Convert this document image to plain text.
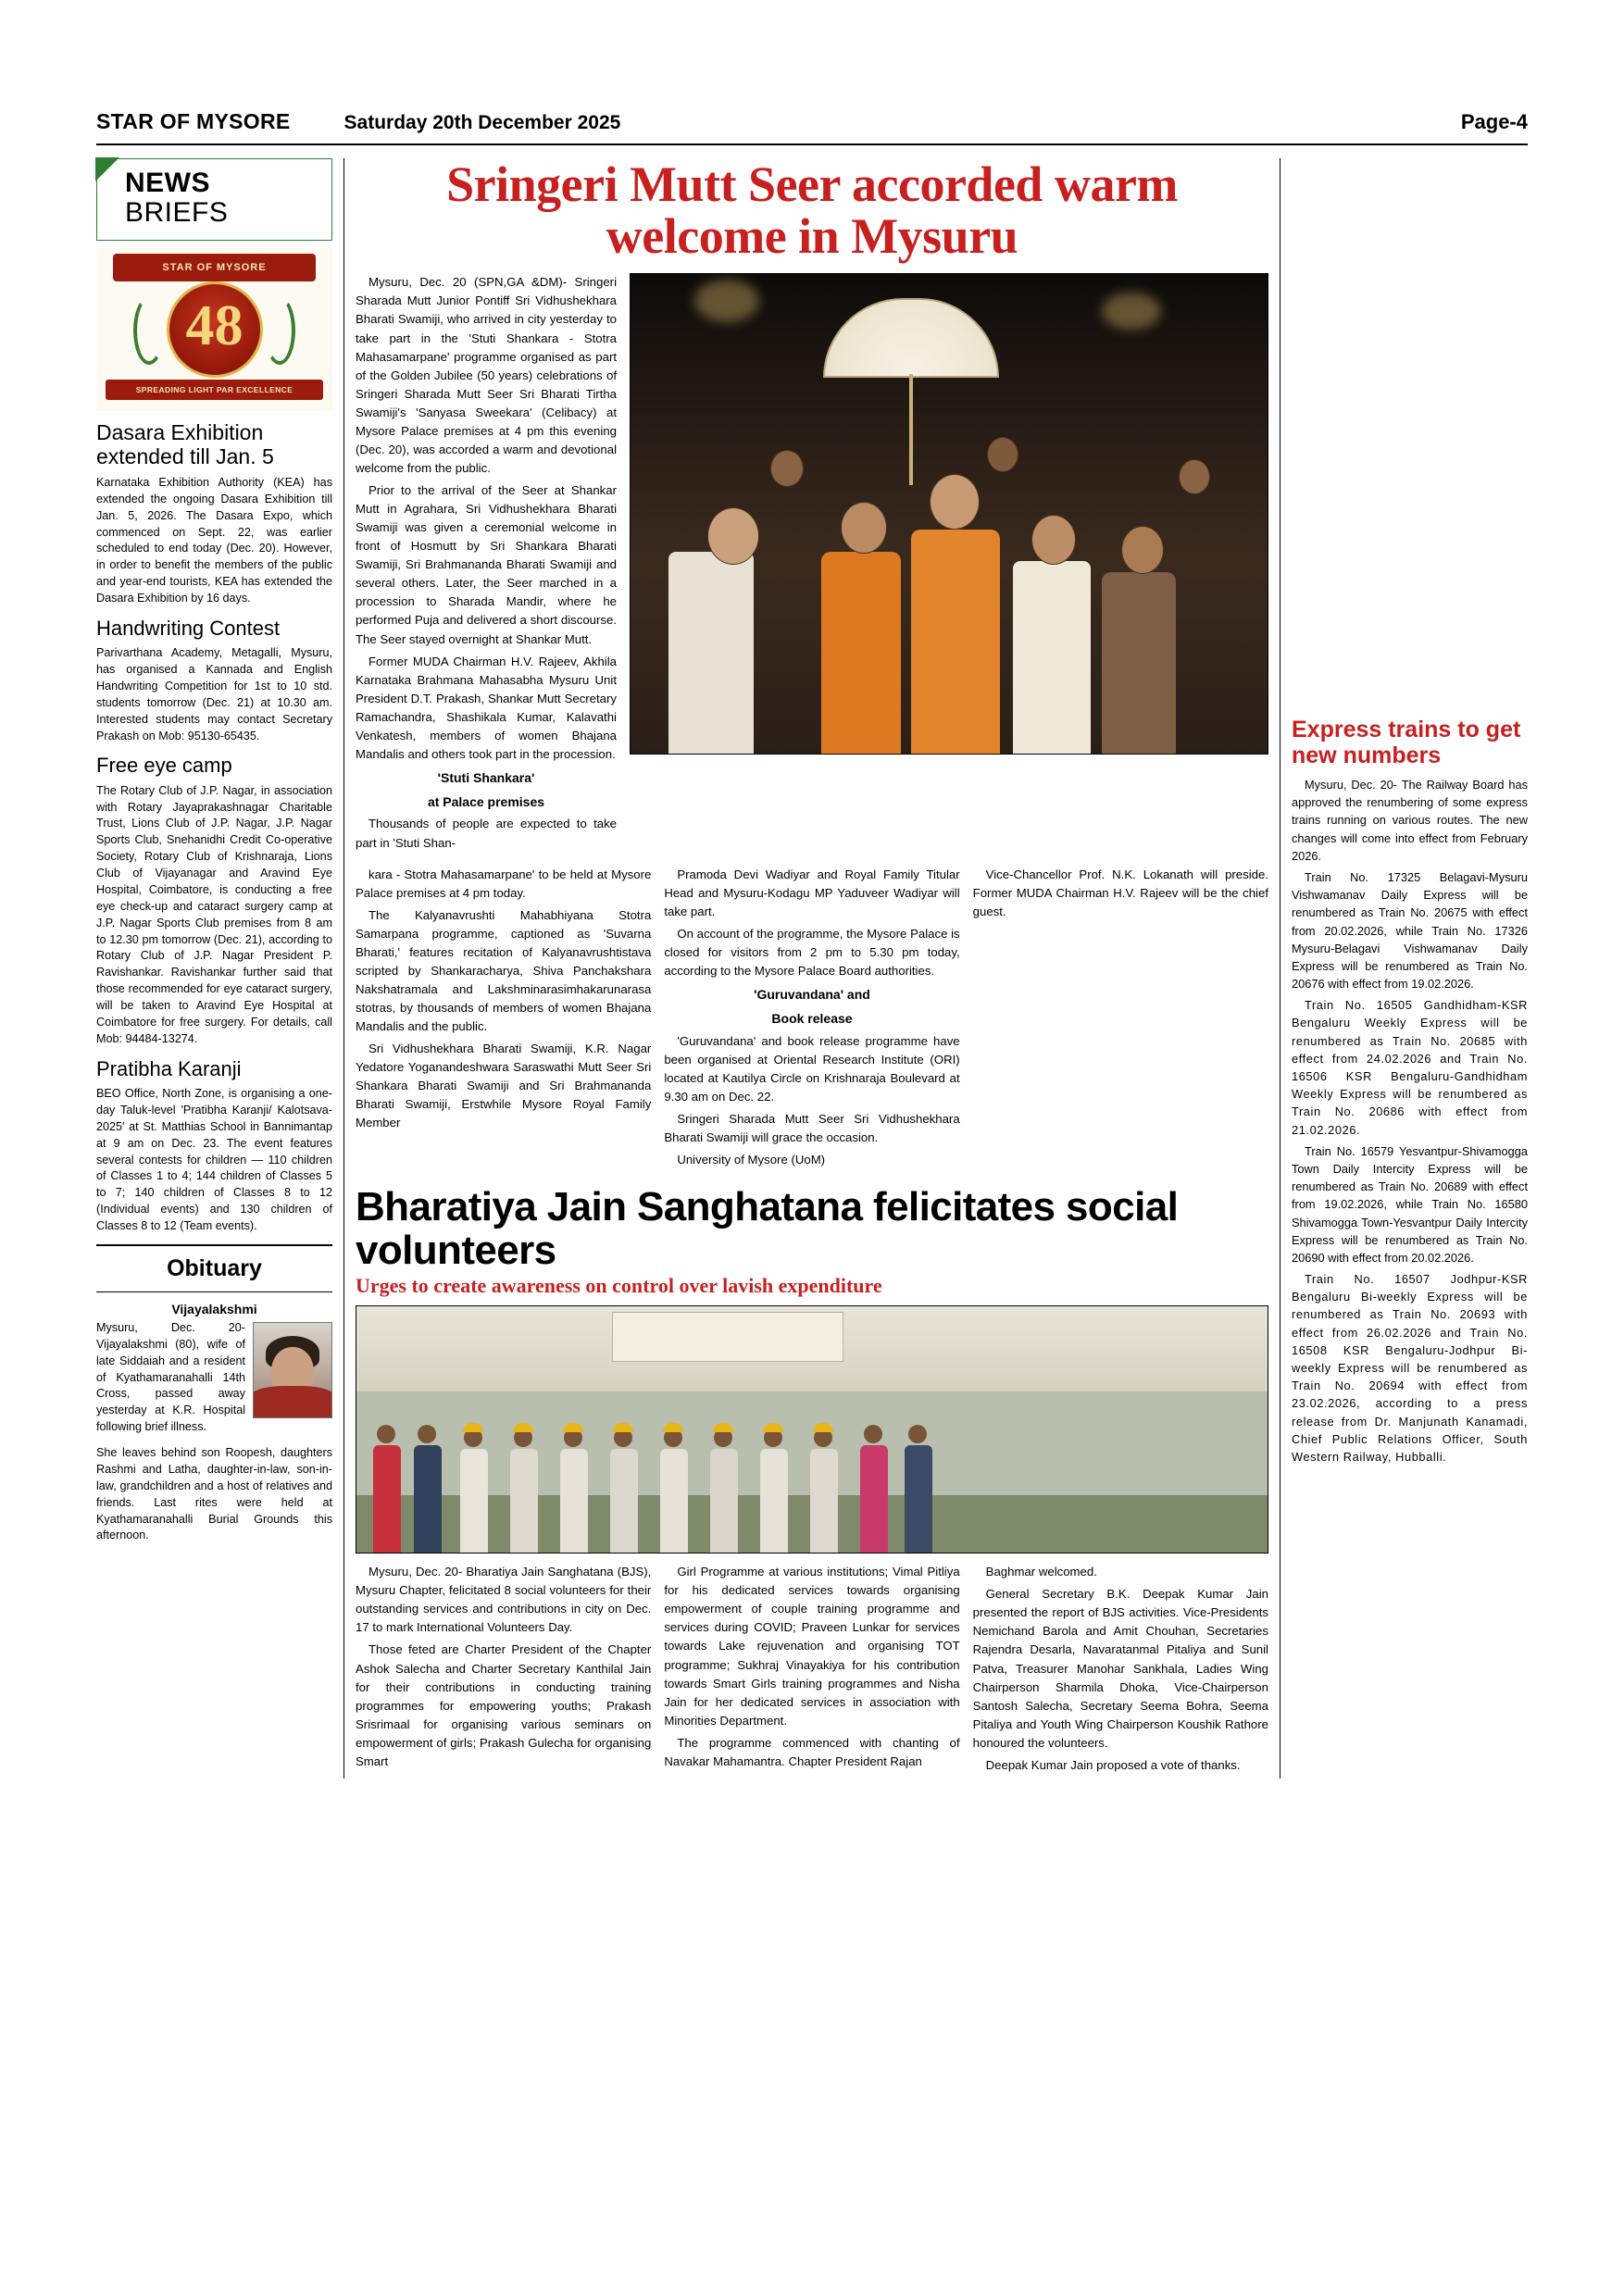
STAR OF MYSORE	Saturday 20th December 2025	Page-4
NEWS
BRIEFS
STAR OF MYSORE
48
SPREADING LIGHT PAR EXCELLENCE
Dasara Exhibition extended till Jan. 5
Karnataka Exhibition Authority (KEA) has extended the ongoing Dasara Exhibition till Jan. 5, 2026. The Dasara Expo, which commenced on Sept. 22, was earlier scheduled to end today (Dec. 20). However, in order to benefit the members of the public and year-end tourists, KEA has extended the Dasara Exhibition by 16 days.
Handwriting Contest
Parivarthana Academy, Metagalli, Mysuru, has organised a Kannada and English Handwriting Competition for 1st to 10 std. students tomorrow (Dec. 21) at 10.30 am. Interested students may contact Secretary Prakash on Mob: 95130-65435.
Free eye camp
The Rotary Club of J.P. Nagar, in association with Rotary Jayaprakashnagar Charitable Trust, Lions Club of J.P. Nagar, J.P. Nagar Sports Club, Snehanidhi Credit Co-operative Society, Rotary Club of Krishnaraja, Lions Club of Vijayanagar and Aravind Eye Hospital, Coimbatore, is conducting a free eye check-up and cataract surgery camp at J.P. Nagar Sports Club premises from 8 am to 12.30 pm tomorrow (Dec. 21), according to Rotary Club of J.P. Nagar President P. Ravishankar. Ravishankar further said that those recommended for eye cataract surgery, will be taken to Aravind Eye Hospital at Coimbatore for free surgery. For details, call Mob: 94484-13274.
Pratibha Karanji
BEO Office, North Zone, is organising a one-day Taluk-level 'Pratibha Karanji/ Kalotsava-2025' at St. Matthias School in Bannimantap at 9 am on Dec. 23. The event features several contests for children — 110 children of Classes 1 to 4; 144 children of Classes 5 to 7; 140 children of Classes 8 to 12 (Individual events) and 130 children of Classes 8 to 12 (Team events).
Obituary
Vijayalakshmi
Mysuru, Dec. 20- Vijayalakshmi (80), wife of late Siddaiah and a resident of Kyathamaranahalli 14th Cross, passed away yesterday at K.R. Hospital following brief illness.
She leaves behind son Roopesh, daughters Rashmi and Latha, daughter-in-law, son-in-law, grandchildren and a host of relatives and friends. Last rites were held at Kyathamaranahalli Burial Grounds this afternoon.
Sringeri Mutt Seer accorded warm welcome in Mysuru

Mysuru, Dec. 20 (SPN,GA &DM)- Sringeri Sharada Mutt Junior Pontiff Sri Vidhushekhara Bharati Swamiji, who arrived in city yesterday to take part in the 'Stuti Shankara - Stotra Mahasamarpane' programme organised as part of the Golden Jubilee (50 years) celebrations of Sringeri Sharada Mutt Seer Sri Bharati Tirtha Swamiji's 'Sanyasa Sweekara' (Celibacy) at Mysore Palace premises at 4 pm this evening (Dec. 20), was accorded a warm and devotional welcome from the public.

Prior to the arrival of the Seer at Shankar Mutt in Agrahara, Sri Vidhushekhara Bharati Swamiji was given a ceremonial welcome in front of Hosmutt by Sri Shankara Bharati Swamiji, Sri Brahmananda Bharati Swamiji and several others. Later, the Seer marched in a procession to Sharada Mandir, where he performed Puja and delivered a short discourse. The Seer stayed overnight at Shankar Mutt.

Former MUDA Chairman H.V. Rajeev, Akhila Karnataka Brahmana Mahasabha Mysuru Unit President D.T. Prakash, Shankar Mutt Secretary Ramachandra, Shashikala Kumar, Kalavathi Venkatesh, members of women Bhajana Mandalis and others took part in the procession.

'Stuti Shankara'
at Palace premises

Thousands of people are expected to take part in 'Stuti Shan-

kara - Stotra Mahasamarpane' to be held at Mysore Palace premises at 4 pm today.

The Kalyanavrushti Mahabhiyana Stotra Samarpana programme, captioned as 'Suvarna Bharati,' features recitation of Kalyanavrushtistava scripted by Shankaracharya, Shiva Panchakshara Nakshatramala and Lakshminarasimhakarunarasa stotras, by thousands of members of women Bhajana Mandalis and the public.

Sri Vidhushekhara Bharati Swamiji, K.R. Nagar Yedatore Yoganandeshwara Saraswathi Mutt Seer Sri Shankara Bharati Swamiji and Sri Brahmananda Bharati Swamiji, Erstwhile Mysore Royal Family Member

Pramoda Devi Wadiyar and Royal Family Titular Head and Mysuru-Kodagu MP Yaduveer Wadiyar will take part.

On account of the programme, the Mysore Palace is closed for visitors from 2 pm to 5.30 pm today, according to the Mysore Palace Board authorities.

'Guruvandana' and
Book release

'Guruvandana' and book release programme have been organised at Oriental Research Institute (ORI) located at Kautilya Circle on Krishnaraja Boulevard at 9.30 am on Dec. 22.

Sringeri Sharada Mutt Seer Sri Vidhushekhara Bharati Swamiji will grace the occasion.

University of Mysore (UoM)

Vice-Chancellor Prof. N.K. Lokanath will preside. Former MUDA Chairman H.V. Rajeev will be the chief guest.

Bharatiya Jain Sanghatana felicitates social volunteers
Urges to create awareness on control over lavish expenditure

Mysuru, Dec. 20- Bharatiya Jain Sanghatana (BJS), Mysuru Chapter, felicitated 8 social volunteers for their outstanding services and contributions in city on Dec. 17 to mark International Volunteers Day.

Those feted are Charter President of the Chapter Ashok Salecha and Charter Secretary Kanthilal Jain for their contributions in conducting training programmes for empowering youths; Prakash Srisrimaal for organising various seminars on empowerment of girls; Prakash Gulecha for organising Smart

Girl Programme at various institutions; Vimal Pitliya for his dedicated services towards organising empowerment of couple training programme and services during COVID; Praveen Lunkar for services towards Lake rejuvenation and organising TOT programme; Sukhraj Vinayakiya for his contribution towards Smart Girls training programmes and Nisha Jain for her dedicated services in association with Minorities Department.

The programme commenced with chanting of Navakar Mahamantra. Chapter President Rajan

Baghmar welcomed.

General Secretary B.K. Deepak Kumar Jain presented the report of BJS activities. Vice-Presidents Nemichand Barola and Amit Chouhan, Secretaries Rajendra Desarla, Navaratanmal Pitaliya and Sunil Patva, Treasurer Manohar Sankhala, Ladies Wing Chairperson Sharmila Dhoka, Vice-Chairperson Santosh Salecha, Secretary Seema Bohra, Seema Pitaliya and Youth Wing Chairperson Koushik Rathore honoured the volunteers.

Deepak Kumar Jain proposed a vote of thanks.

Express trains to get new numbers

Mysuru, Dec. 20- The Railway Board has approved the renumbering of some express trains running on various routes. The new changes will come into effect from February 2026.

Train No. 17325 Belagavi-Mysuru Vishwamanav Daily Express will be renumbered as Train No. 20675 with effect from 20.02.2026, while Train No. 17326 Mysuru-Belagavi Vishwamanav Daily Express will be renumbered as Train No. 20676 with effect from 19.02.2026.

Train No. 16505 Gandhidham-KSR Bengaluru Weekly Express will be renumbered as Train No. 20685 with effect from 24.02.2026 and Train No. 16506 KSR Bengaluru-Gandhidham Weekly Express will be renumbered as Train No. 20686 with effect from 21.02.2026.

Train No. 16579 Yesvantpur-Shivamogga Town Daily Intercity Express will be renumbered as Train No. 20689 with effect from 19.02.2026, while Train No. 16580 Shivamogga Town-Yesvantpur Daily Intercity Express will be renumbered as Train No. 20690 with effect from 20.02.2026.

Train No. 16507 Jodhpur-KSR Bengaluru Bi-weekly Express will be renumbered as Train No. 20693 with effect from 26.02.2026 and Train No. 16508 KSR Bengaluru-Jodhpur Bi-weekly Express will be renumbered as Train No. 20694 with effect from 23.02.2026, according to a press release from Dr. Manjunath Kanamadi, Chief Public Relations Officer, South Western Railway, Hubballi.
